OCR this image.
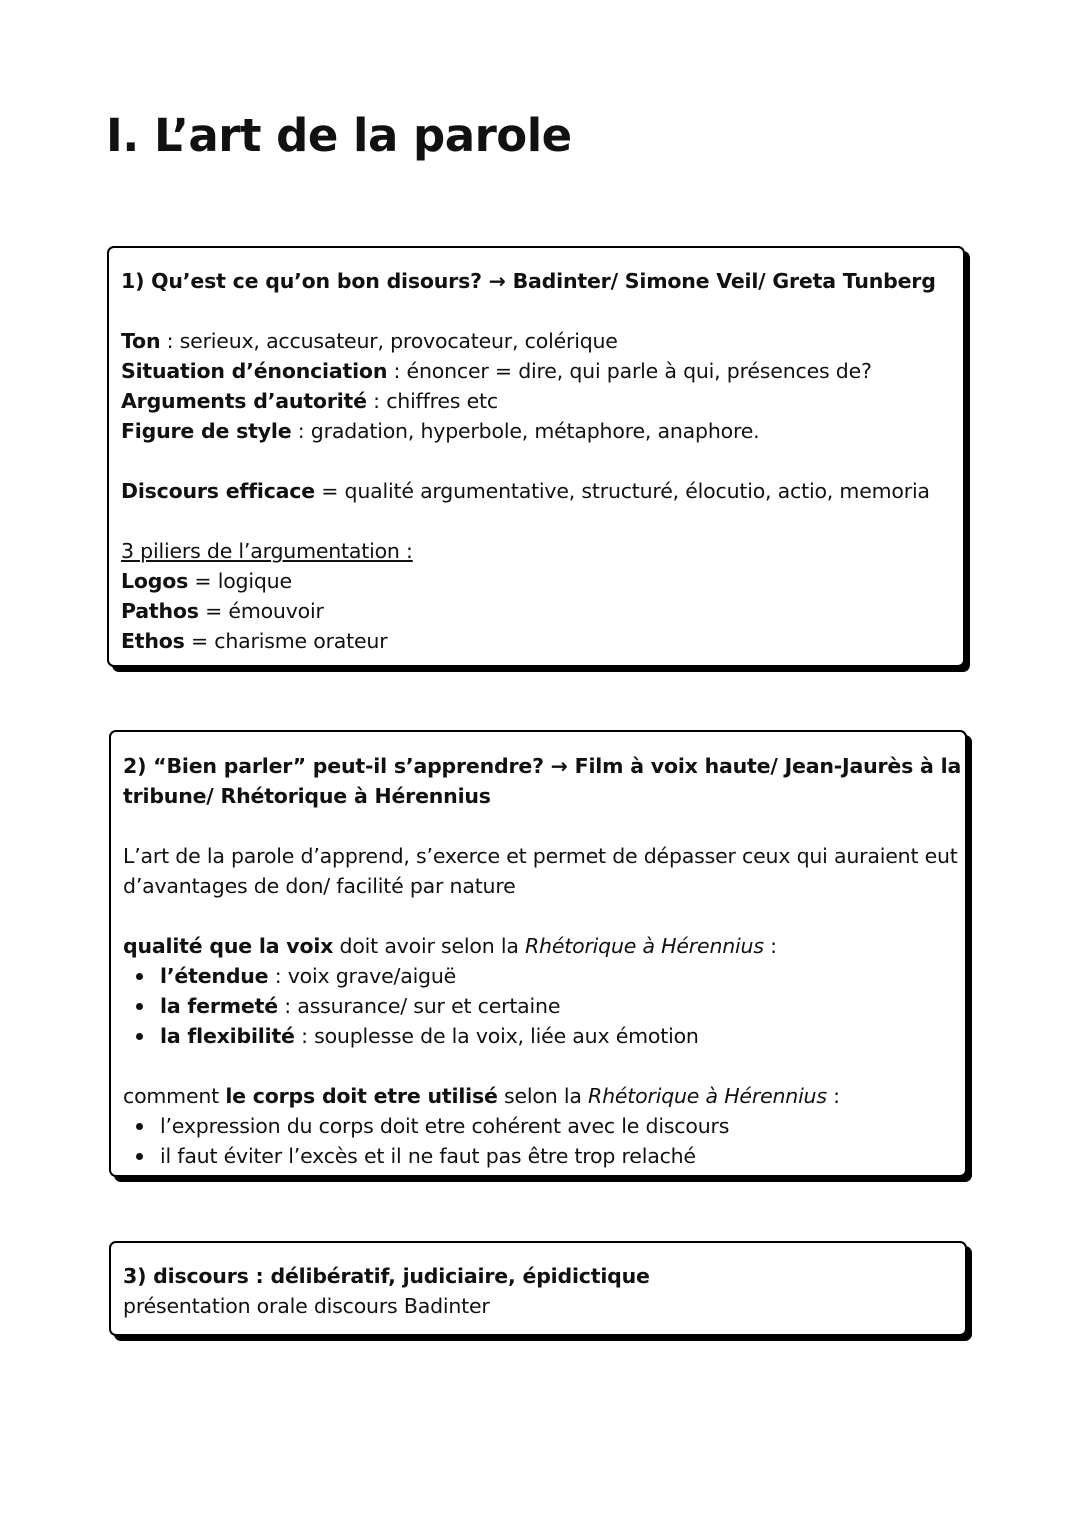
I. L’art de la parole
1) Qu’est ce qu’on bon disours? → Badinter/ Simone Veil/ Greta Tunberg
Ton : serieux, accusateur, provocateur, colérique
Situation d’énonciation : énoncer = dire, qui parle à qui, présences de?
Arguments d’autorité : chiffres etc
Figure de style : gradation, hyperbole, métaphore, anaphore.
Discours efficace = qualité argumentative, structuré, élocutio, actio, memoria
3 piliers de l’argumentation :
Logos = logique
Pathos = émouvoir
Ethos = charisme orateur
2) “Bien parler” peut-il s’apprendre? → Film à voix haute/ Jean-Jaurès à la
tribune/ Rhétorique à Hérennius
L’art de la parole d’apprend, s’exerce et permet de dépasser ceux qui auraient eut
d’avantages de don/ facilité par nature
qualité que la voix doit avoir selon la Rhétorique à Hérennius :
l’étendue : voix grave/aiguë
la fermeté : assurance/ sur et certaine
la flexibilité : souplesse de la voix, liée aux émotion
comment le corps doit etre utilisé selon la Rhétorique à Hérennius :
l’expression du corps doit etre cohérent avec le discours
il faut éviter l’excès et il ne faut pas être trop relaché
3) discours : délibératif, judiciaire, épidictique
présentation orale discours Badinter
